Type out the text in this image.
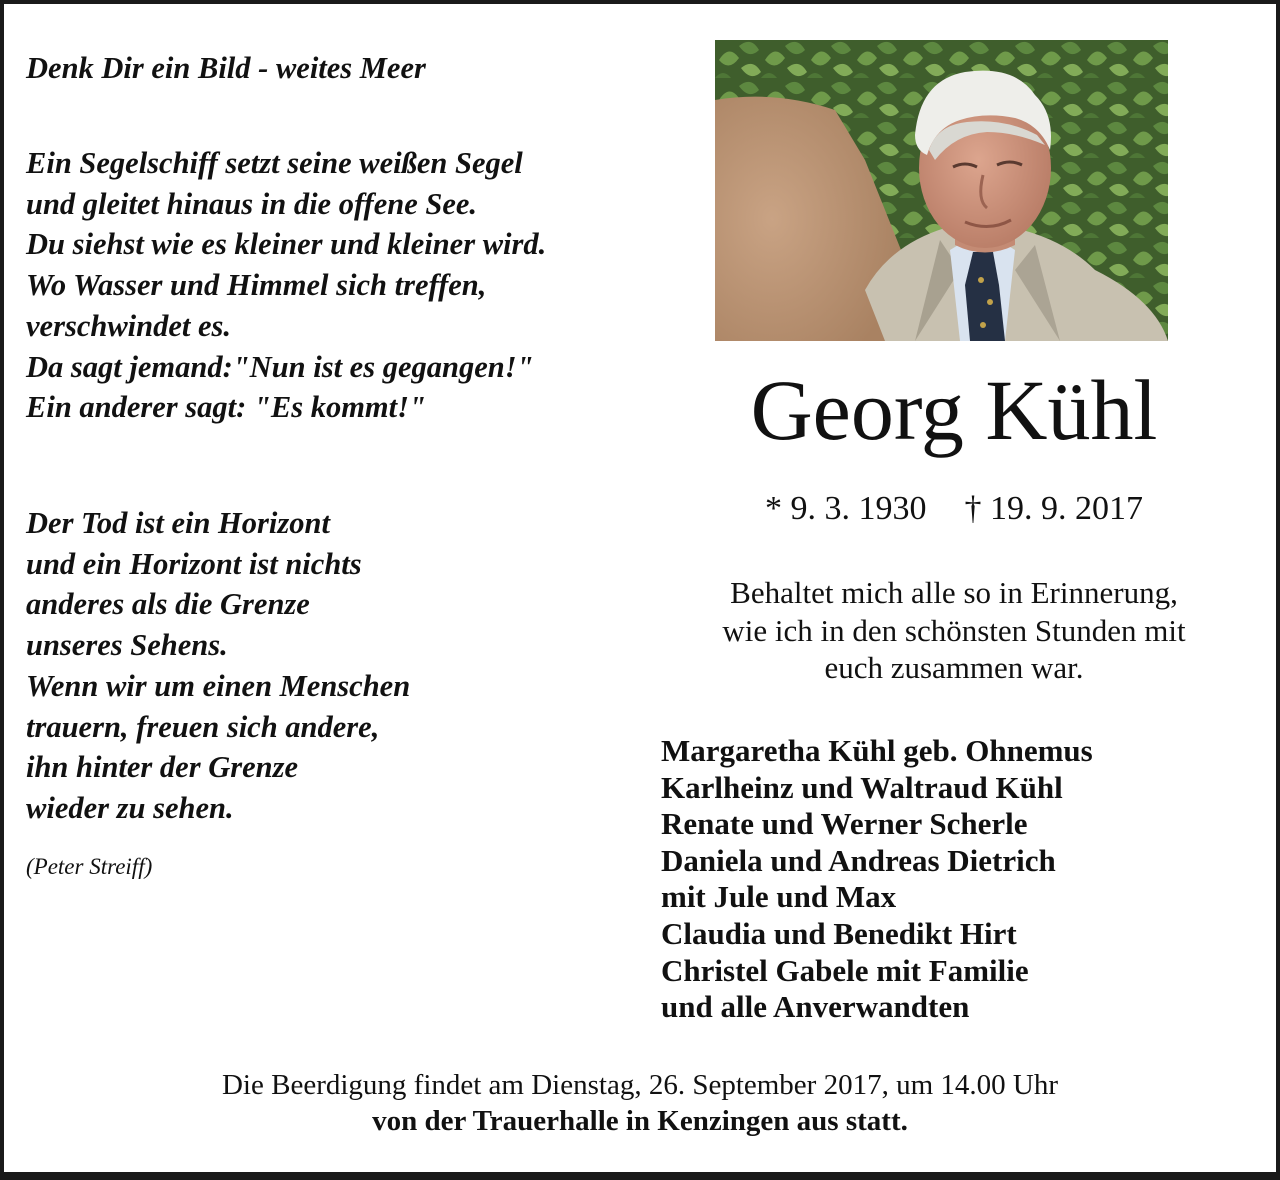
Denk Dir ein Bild - weites Meer
Ein Segelschiff setzt seine weißen Segel
und gleitet hinaus in die offene See.
Du siehst wie es kleiner und kleiner wird.
Wo Wasser und Himmel sich treffen,
verschwindet es.
Da sagt jemand:"Nun ist es gegangen!"
Ein anderer sagt: "Es kommt!"
Der Tod ist ein Horizont
und ein Horizont ist nichts
anderes als die Grenze
unseres Sehens.
Wenn wir um einen Menschen
trauern, freuen sich andere,
ihn hinter der Grenze
wieder zu sehen.
(Peter Streiff)
Georg Kühl
* 9. 3. 1930 † 19. 9. 2017
Behaltet mich alle so in Erinnerung,
wie ich in den schönsten Stunden mit
euch zusammen war.
Margaretha Kühl geb. Ohnemus
Karlheinz und Waltraud Kühl
Renate und Werner Scherle
Daniela und Andreas Dietrich
mit Jule und Max
Claudia und Benedikt Hirt
Christel Gabele mit Familie
und alle Anverwandten
Die Beerdigung findet am Dienstag, 26. September 2017, um 14.00 Uhr
von der Trauerhalle in Kenzingen aus statt.
